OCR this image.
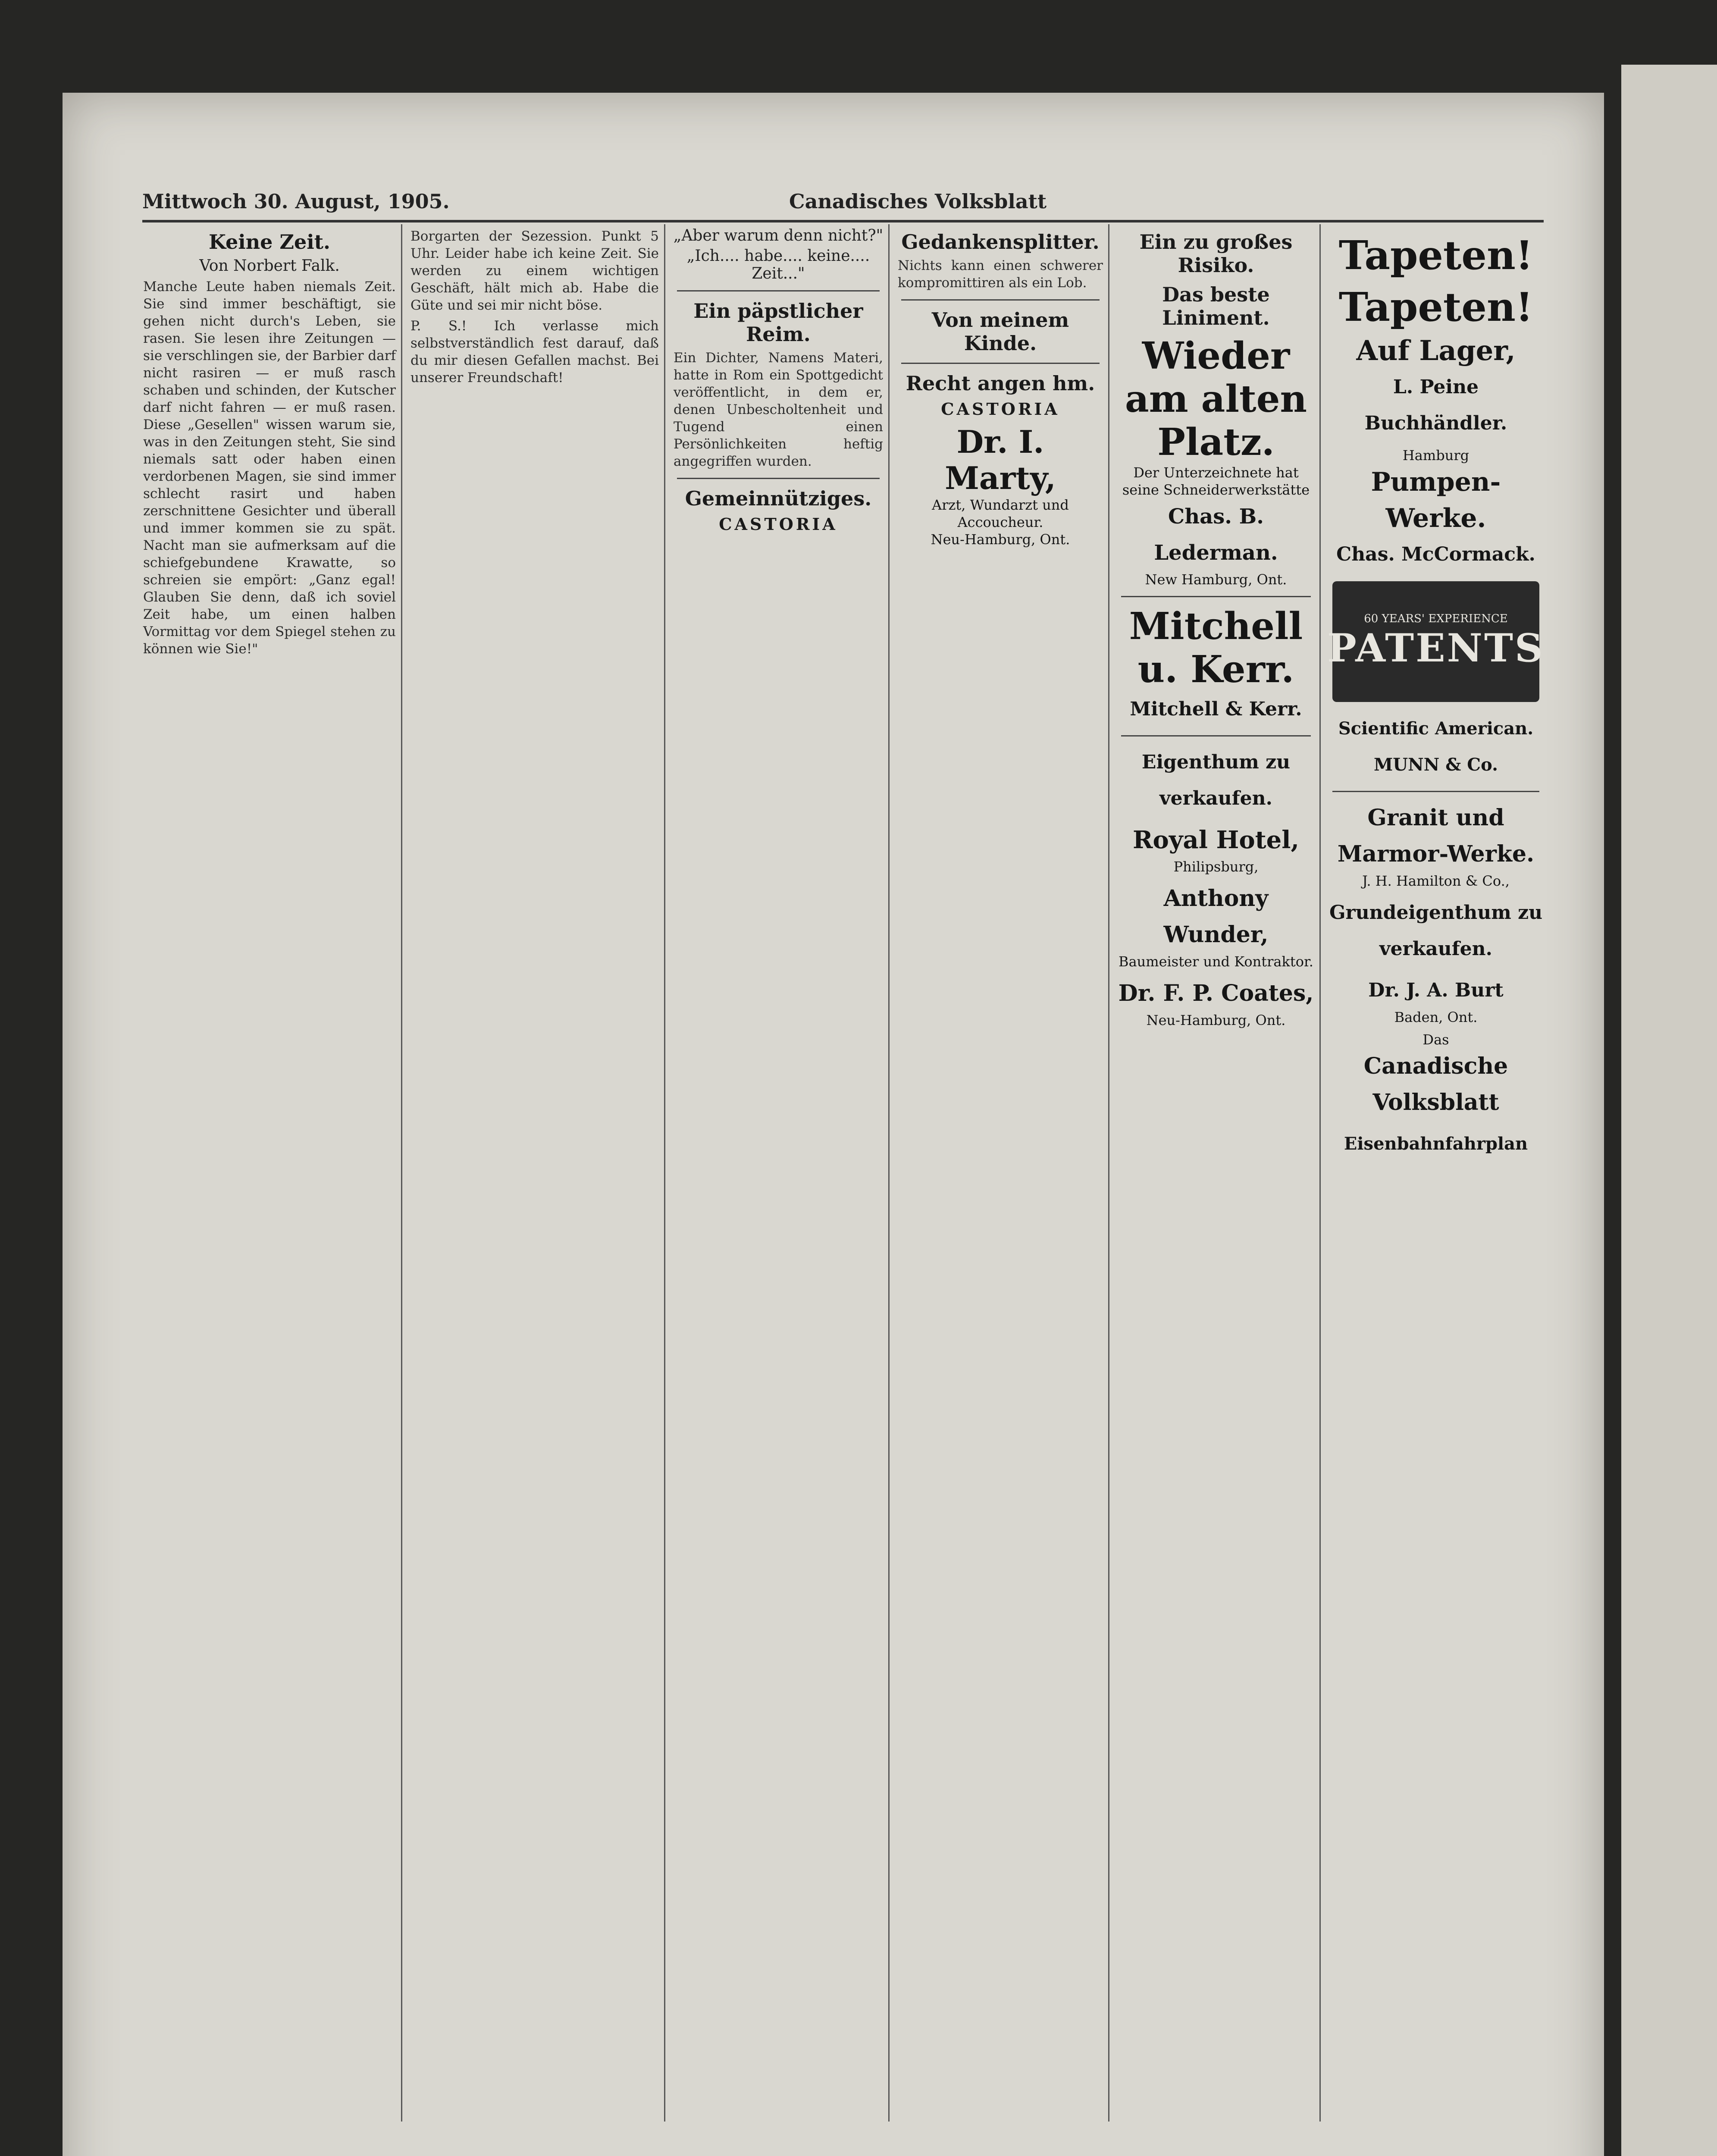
Mittwoch 30. August, 1905.	Canadisches Volksblatt
Keine Zeit.
Von Norbert Falk.

Manche Leute haben niemals Zeit. Sie sind immer beschäftigt, sie gehen nicht durch's Leben, sie rasen. Sie lesen ihre Zeitungen — sie verschlingen sie, der Barbier darf nicht rasiren — er muß rasch schaben und schinden, der Kutscher darf nicht fahren — er muß rasen. Diese „Gesellen" wissen warum sie, was in den Zeitungen steht, Sie sind niemals satt oder haben einen verdorbenen Magen, sie sind immer schlecht rasirt und haben zerschnittene Gesichter und überall und immer kommen sie zu spät. Nacht man sie aufmerksam auf die schiefgebundene Krawatte, so schreien sie empört: „Ganz egal! Glauben Sie denn, daß ich soviel Zeit habe, um einen halben Vormittag vor dem Spiegel stehen zu können wie Sie!"

Borgarten der Sezession. Punkt 5 Uhr. Leider habe ich keine Zeit. Sie werden zu einem wichtigen Geschäft, hält mich ab. Habe die Güte und sei mir nicht böse.

P. S.! Ich verlasse mich selbstverständlich fest darauf, daß du mir diesen Gefallen machst. Bei unserer Freundschaft!

„Aber warum denn nicht?"
„Ich.... habe.... keine.... Zeit..."
Ein päpstlicher Reim.

Ein Dichter, Namens Materi, hatte in Rom ein Spottgedicht veröffentlicht, in dem er, denen Unbescholtenheit und Tugend einen Persönlichkeiten heftig angegriffen wurden.

Gemeinnütziges.
CASTORIA
Gedankensplitter.

Nichts kann einen schwerer kompromittiren als ein Lob.

Von meinem Kinde.
Recht angen hm.
CASTORIA
Dr. I. Marty,
Arzt, Wundarzt und Accoucheur.
Neu-Hamburg, Ont.
Ein zu großes Risiko.
Das beste Liniment.
Wieder am alten Platz.
Der Unterzeichnete hat seine Schneiderwerkstätte
Chas. B. Lederman.
New Hamburg, Ont.
Mitchell u. Kerr.
Mitchell & Kerr.
Eigenthum zu verkaufen.
Royal Hotel,
Philipsburg,
Anthony Wunder,
Baumeister und Kontraktor.
Dr. F. P. Coates,
Neu-Hamburg, Ont.
Tapeten!
Tapeten!
Auf Lager,
L. Peine Buchhändler.
Hamburg
Pumpen-Werke.
Chas. McCormack.
60 YEARS' EXPERIENCE
PATENTS
Scientific American.
MUNN & Co.
Granit und Marmor-Werke.
J. H. Hamilton & Co.,
Grundeigenthum zu verkaufen.
Dr. J. A. Burt
Baden, Ont.
Das
Canadische Volksblatt
Eisenbahnfahrplan
